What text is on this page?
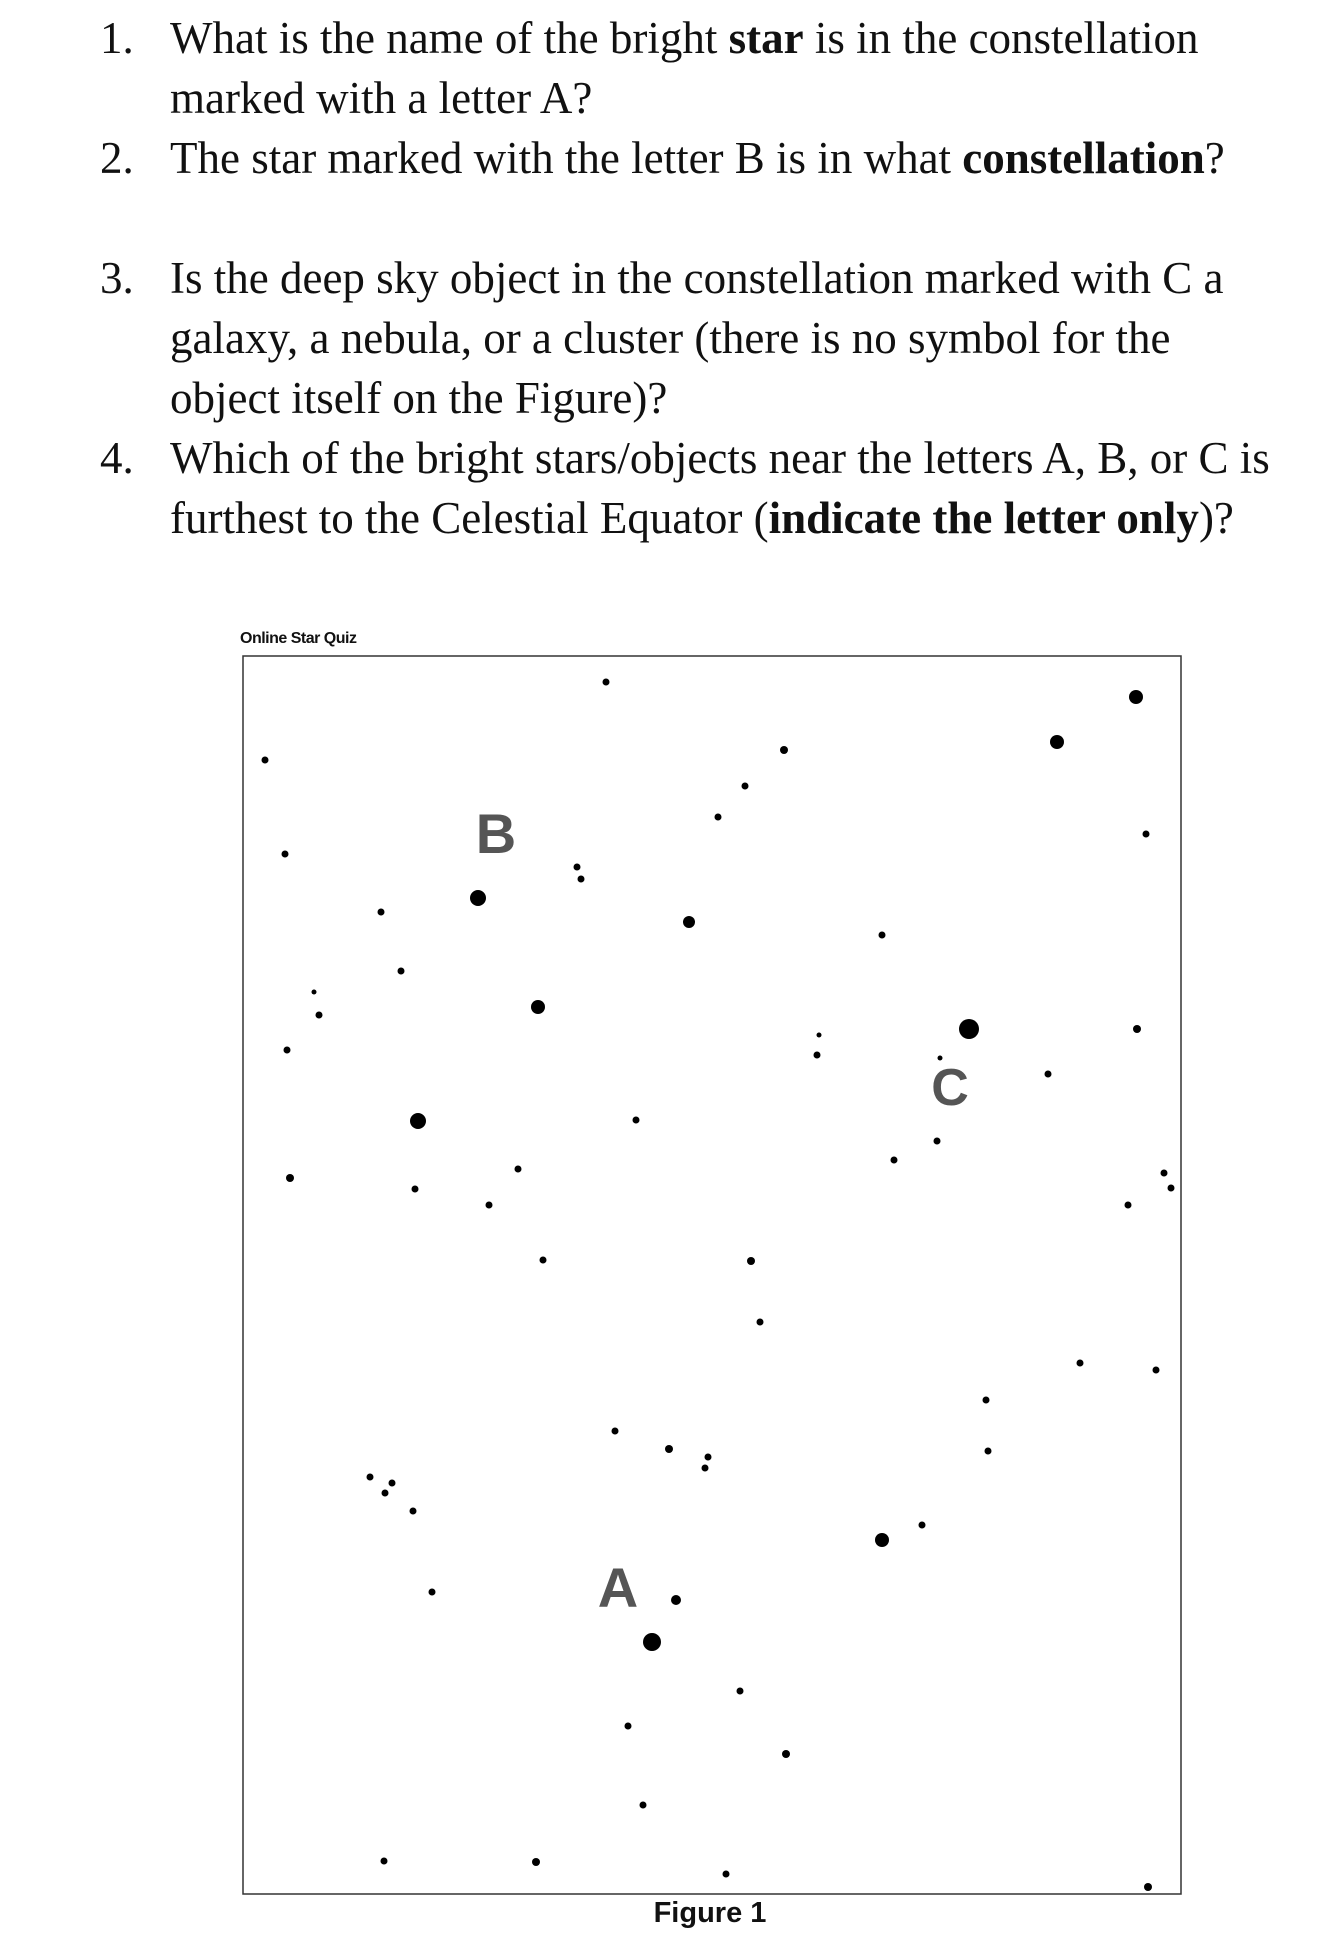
1. What is the name of the bright star is in the constellation marked with a letter A?
2. The star marked with the letter B is in what constellation?
3. Is the deep sky object in the constellation marked with C a galaxy, a nebula, or a cluster (there is no symbol for the object itself on the Figure)?
4. Which of the bright stars/objects near the letters A, B, or C is furthest to the Celestial Equator (indicate the letter only)?
Online Star Quiz
B
C
A
Figure 1
